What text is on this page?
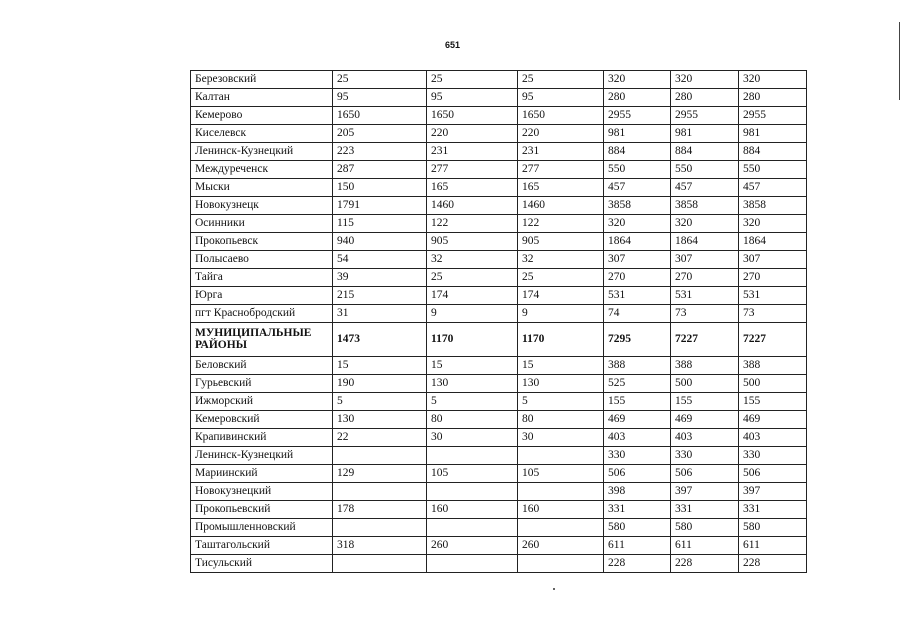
651
Березовский	25	25	25	320	320	320
Калтан	95	95	95	280	280	280
Кемерово	1650	1650	1650	2955	2955	2955
Киселевск	205	220	220	981	981	981
Ленинск-Кузнецкий	223	231	231	884	884	884
Междуреченск	287	277	277	550	550	550
Мыски	150	165	165	457	457	457
Новокузнецк	1791	1460	1460	3858	3858	3858
Осинники	115	122	122	320	320	320
Прокопьевск	940	905	905	1864	1864	1864
Полысаево	54	32	32	307	307	307
Тайга	39	25	25	270	270	270
Юрга	215	174	174	531	531	531
пгт Краснобродский	31	9	9	74	73	73
МУНИЦИПАЛЬНЫЕ РАЙОНЫ	1473	1170	1170	7295	7227	7227
Беловский	15	15	15	388	388	388
Гурьевский	190	130	130	525	500	500
Ижморский	5	5	5	155	155	155
Кемеровский	130	80	80	469	469	469
Крапивинский	22	30	30	403	403	403
Ленинск-Кузнецкий				330	330	330
Мариинский	129	105	105	506	506	506
Новокузнецкий				398	397	397
Прокопьевский	178	160	160	331	331	331
Промышленновский				580	580	580
Таштагольский	318	260	260	611	611	611
Тисульский				228	228	228
